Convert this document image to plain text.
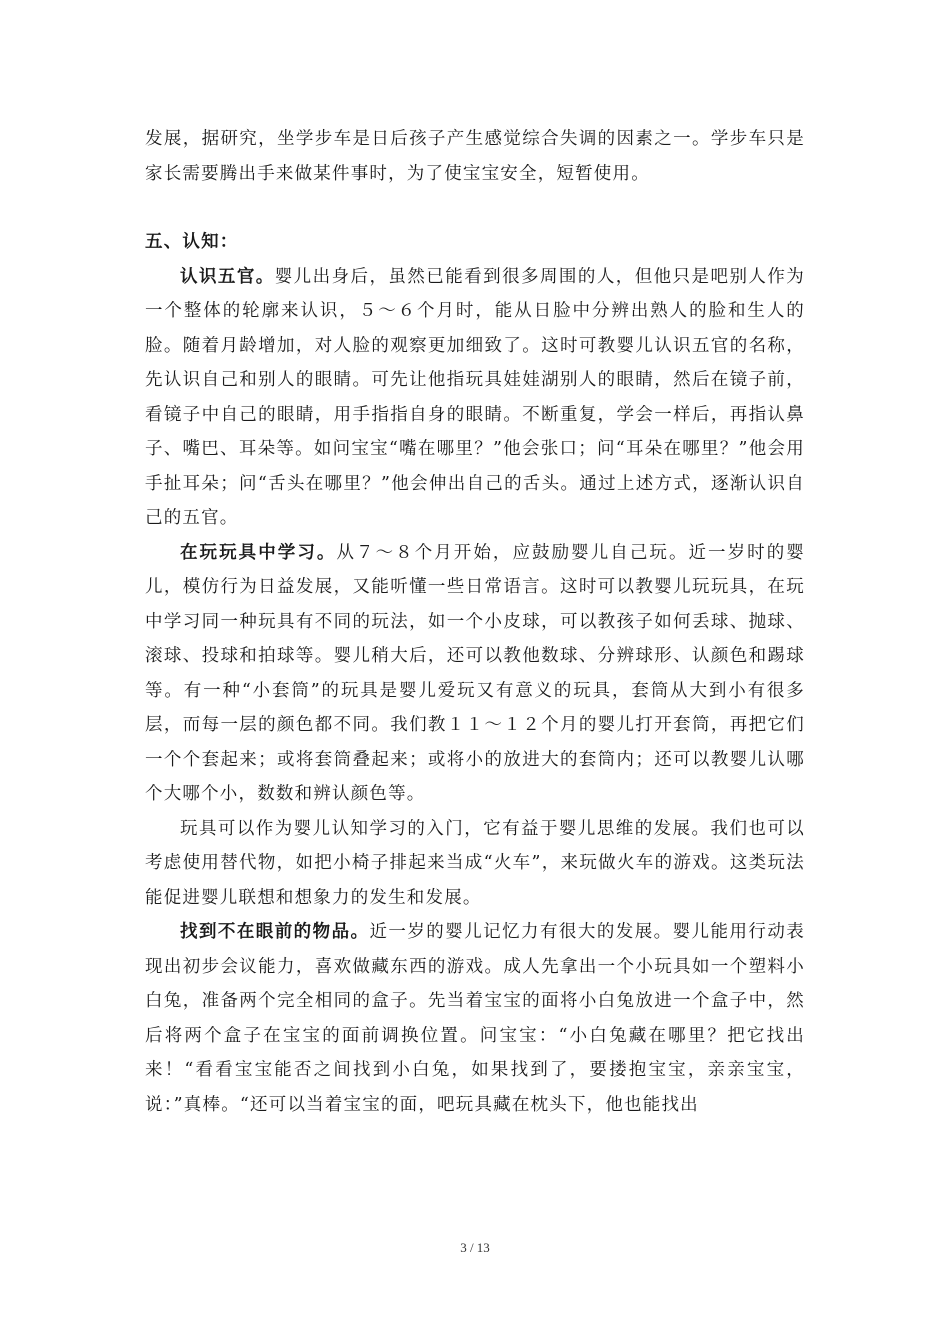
发展，据研究，坐学步车是日后孩子产生感觉综合失调的因素之一。学步车只是家长需要腾出手来做某件事时，为了使宝宝安全，短暂使用。

五、认知：

认识五官。婴儿出身后，虽然已能看到很多周围的人，但他只是吧别人作为一个整体的轮廓来认识，５～６个月时，能从日脸中分辨出熟人的脸和生人的脸。随着月龄增加，对人脸的观察更加细致了。这时可教婴儿认识五官的名称，先认识自己和别人的眼睛。可先让他指玩具娃娃湖别人的眼睛，然后在镜子前，看镜子中自己的眼睛，用手指指自身的眼睛。不断重复，学会一样后，再指认鼻子、嘴巴、耳朵等。如问宝宝“嘴在哪里？”他会张口；问“耳朵在哪里？”他会用手扯耳朵；问“舌头在哪里？”他会伸出自己的舌头。通过上述方式，逐渐认识自己的五官。

在玩玩具中学习。从７～８个月开始，应鼓励婴儿自己玩。近一岁时的婴儿，模仿行为日益发展，又能听懂一些日常语言。这时可以教婴儿玩玩具，在玩中学习同一种玩具有不同的玩法，如一个小皮球，可以教孩子如何丢球、抛球、滚球、投球和拍球等。婴儿稍大后，还可以教他数球、分辨球形、认颜色和踢球等。有一种“小套筒”的玩具是婴儿爱玩又有意义的玩具，套筒从大到小有很多层，而每一层的颜色都不同。我们教１１～１２个月的婴儿打开套筒，再把它们一个个套起来；或将套筒叠起来；或将小的放进大的套筒内；还可以教婴儿认哪个大哪个小，数数和辨认颜色等。

玩具可以作为婴儿认知学习的入门，它有益于婴儿思维的发展。我们也可以考虑使用替代物，如把小椅子排起来当成“火车”，来玩做火车的游戏。这类玩法能促进婴儿联想和想象力的发生和发展。

找到不在眼前的物品。近一岁的婴儿记忆力有很大的发展。婴儿能用行动表现出初步会议能力，喜欢做藏东西的游戏。成人先拿出一个小玩具如一个塑料小白兔，准备两个完全相同的盒子。先当着宝宝的面将小白兔放进一个盒子中，然后将两个盒子在宝宝的面前调换位置。问宝宝：“小白兔藏在哪里？把它找出来！“看看宝宝能否之间找到小白兔，如果找到了，要搂抱宝宝，亲亲宝宝，说：”真棒。“还可以当着宝宝的面，吧玩具藏在枕头下，他也能找出

3 / 13
